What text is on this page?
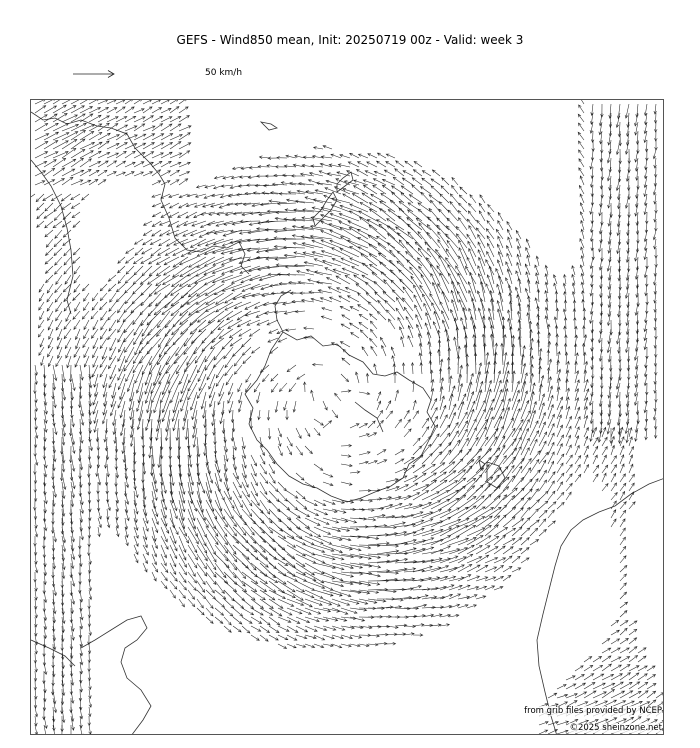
GEFS - Wind850 mean, Init: 20250719 00z - Valid: week 3
50 km/h
from grib files provided by NCEP
©2025 sheinzone.net
